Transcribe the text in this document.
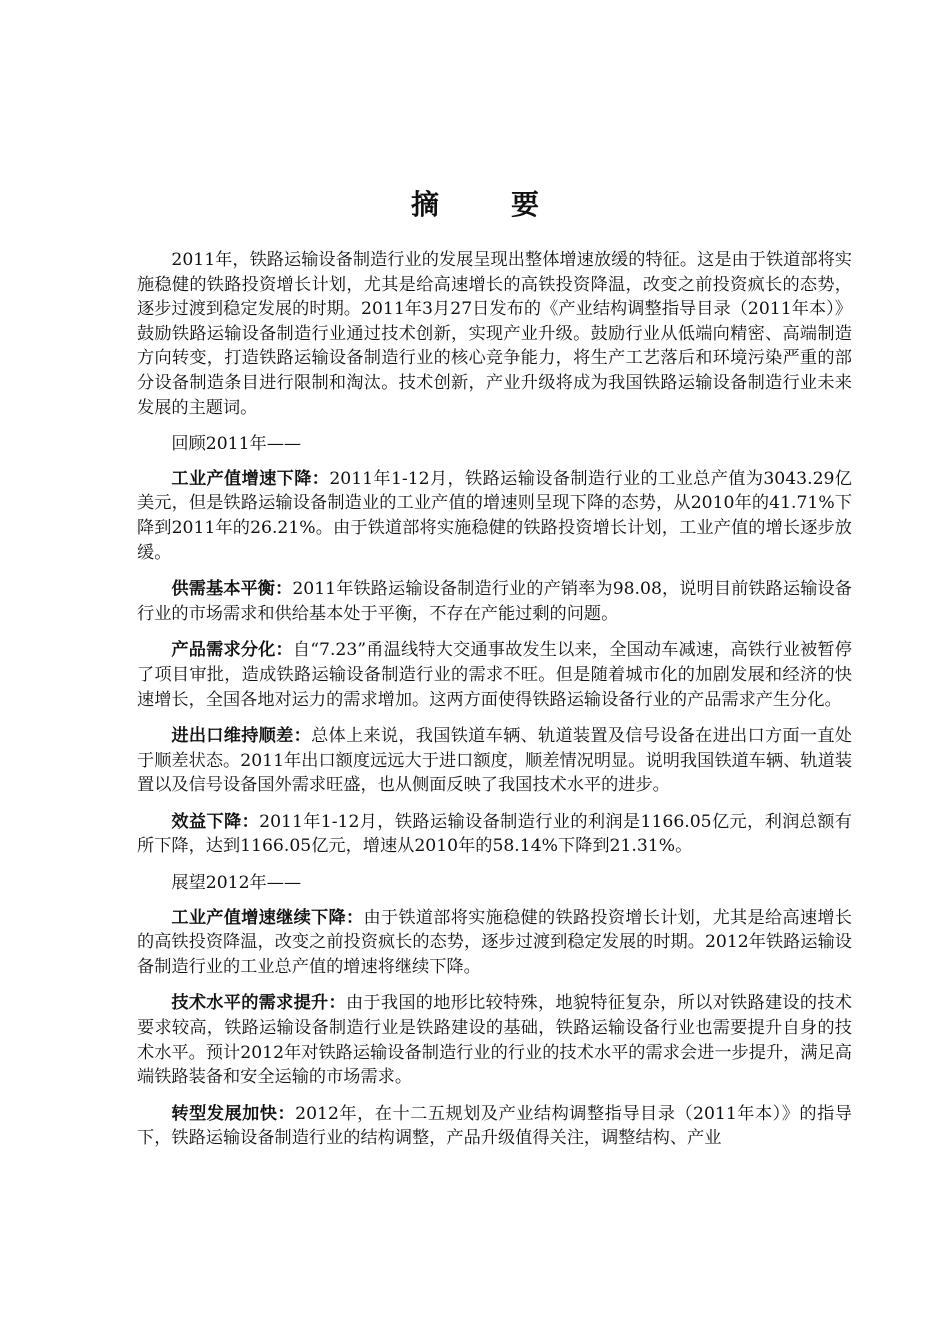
摘　要

2011年，铁路运输设备制造行业的发展呈现出整体增速放缓的特征。这是由于铁道部将实施稳健的铁路投资增长计划，尤其是给高速增长的高铁投资降温，改变之前投资疯长的态势，逐步过渡到稳定发展的时期。2011年3月27日发布的《产业结构调整指导目录（2011年本）》鼓励铁路运输设备制造行业通过技术创新，实现产业升级。鼓励行业从低端向精密、高端制造方向转变，打造铁路运输设备制造行业的核心竞争能力，将生产工艺落后和环境污染严重的部分设备制造条目进行限制和淘汰。技术创新，产业升级将成为我国铁路运输设备制造行业未来发展的主题词。

回顾2011年——

工业产值增速下降：2011年1-12月，铁路运输设备制造行业的工业总产值为3043.29亿美元，但是铁路运输设备制造业的工业产值的增速则呈现下降的态势，从2010年的41.71%下降到2011年的26.21%。由于铁道部将实施稳健的铁路投资增长计划，工业产值的增长逐步放缓。

供需基本平衡：2011年铁路运输设备制造行业的产销率为98.08，说明目前铁路运输设备行业的市场需求和供给基本处于平衡，不存在产能过剩的问题。

产品需求分化：自“7.23”甬温线特大交通事故发生以来，全国动车减速，高铁行业被暂停了项目审批，造成铁路运输设备制造行业的需求不旺。但是随着城市化的加剧发展和经济的快速增长，全国各地对运力的需求增加。这两方面使得铁路运输设备行业的产品需求产生分化。

进出口维持顺差：总体上来说，我国铁道车辆、轨道装置及信号设备在进出口方面一直处于顺差状态。2011年出口额度远远大于进口额度，顺差情况明显。说明我国铁道车辆、轨道装置以及信号设备国外需求旺盛，也从侧面反映了我国技术水平的进步。

效益下降：2011年1-12月，铁路运输设备制造行业的利润是1166.05亿元，利润总额有所下降，达到1166.05亿元，增速从2010年的58.14%下降到21.31%。

展望2012年——

工业产值增速继续下降：由于铁道部将实施稳健的铁路投资增长计划，尤其是给高速增长的高铁投资降温，改变之前投资疯长的态势，逐步过渡到稳定发展的时期。2012年铁路运输设备制造行业的工业总产值的增速将继续下降。

技术水平的需求提升：由于我国的地形比较特殊，地貌特征复杂，所以对铁路建设的技术要求较高，铁路运输设备制造行业是铁路建设的基础，铁路运输设备行业也需要提升自身的技术水平。预计2012年对铁路运输设备制造行业的行业的技术水平的需求会进一步提升，满足高端铁路装备和安全运输的市场需求。

转型发展加快：2012年，在十二五规划及产业结构调整指导目录（2011年本）》的指导下，铁路运输设备制造行业的结构调整，产品升级值得关注，调整结构、产业
